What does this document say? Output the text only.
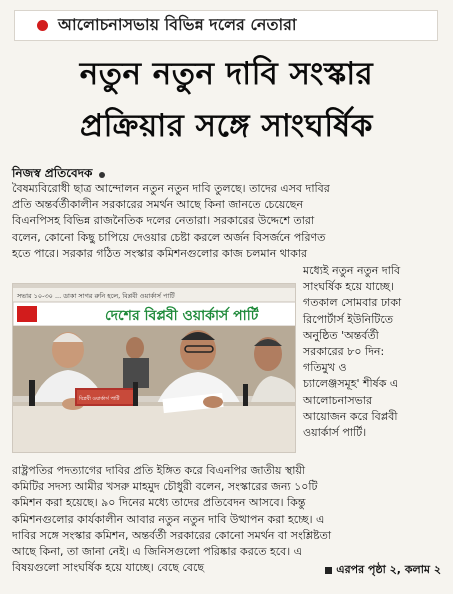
আলোচনাসভায় বিভিন্ন দলের নেতারা
নতুন নতুন দাবি সংস্কার
প্রক্রিয়ার সঙ্গে সাংঘর্ষিক
নিজস্ব প্রতিবেদক
বৈষম্যবিরোধী ছাত্র আন্দোলন নতুন নতুন দাবি তুলছে। তাদের এসব দাবির
প্রতি অন্তর্বর্তীকালীন সরকারের সমর্থন আছে কিনা জানতে চেয়েছেন
বিএনপিসহ বিভিন্ন রাজনৈতিক দলের নেতারা। সরকারের উদ্দেশে তারা
বলেন, কোনো কিছু চাপিয়ে দেওয়ার চেষ্টা করলে অর্জন বিসর্জনে পরিণত
হতে পারে। সরকার গঠিত সংস্কার কমিশনগুলোর কাজ চলমান থাকার
সভার ১০-৩০ ... ডাকা সাগর রুনি হলে, বিপ্লবী ওয়ার্কার্স পার্টি
দেশের বিপ্লবী ওয়ার্কার্স পার্টি
বিপ্লবী ওয়ার্কার্স পার্টি
মধ্যেই নতুন নতুন দাবি
সাংঘর্ষিক হয়ে যাচ্ছে।
গতকাল সোমবার ঢাকা
রিপোর্টার্স ইউনিটিতে
অনুষ্ঠিত 'অন্তর্বর্তী
সরকারের ৮০ দিন:
গতিমুখ ও
চ্যালেঞ্জসমূহ' শীর্ষক এ
আলোচনাসভার
আয়োজন করে বিপ্লবী
ওয়ার্কার্স পার্টি।
রাষ্ট্রপতির পদত্যাগের দাবির প্রতি ইঙ্গিত করে বিএনপির জাতীয় স্থায়ী
কমিটির সদস্য আমীর খসরু মাহমুদ চৌধুরী বলেন, সংস্কারের জন্য ১০টি
কমিশন করা হয়েছে। ৯০ দিনের মধ্যে তাদের প্রতিবেদন আসবে। কিন্তু
কমিশনগুলোর কার্যকালীন আবার নতুন নতুন দাবি উত্থাপন করা হচ্ছে। এ
দাবির সঙ্গে সংস্কার কমিশন, অন্তর্বর্তী সরকারের কোনো সমর্থন বা সংশ্লিষ্টতা
আছে কিনা, তা জানা নেই। এ জিনিসগুলো পরিষ্কার করতে হবে। এ
বিষয়গুলো সাংঘর্ষিক হয়ে যাচ্ছে। বেছে বেছে	এরপর পৃষ্ঠা ২, কলাম ২
